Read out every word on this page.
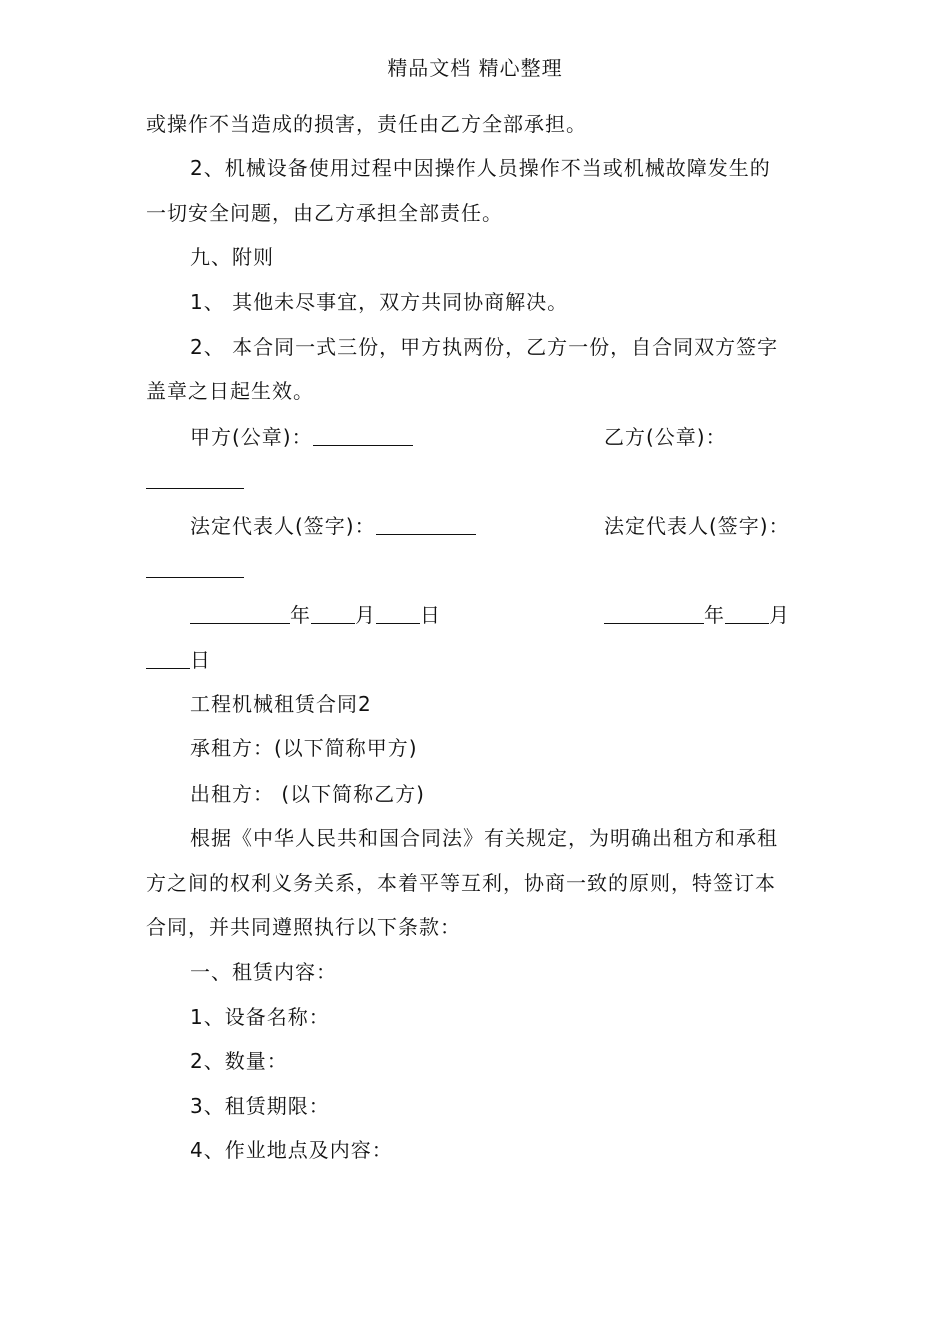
精品文档 精心整理
或操作不当造成的损害，责任由乙方全部承担。
2、机械设备使用过程中因操作人员操作不当或机械故障发生的
一切安全问题，由乙方承担全部责任。
九、附则
1、 其他未尽事宜，双方共同协商解决。
2、 本合同一式三份，甲方执两份，乙方一份，自合同双方签字
盖章之日起生效。
甲方(公章)：	乙方(公章)：
法定代表人(签字)：	法定代表人(签字)：
年 月 日	年 月
日
工程机械租赁合同2
承租方：(以下简称甲方)
出租方： (以下简称乙方)
根据《中华人民共和国合同法》有关规定，为明确出租方和承租
方之间的权利义务关系，本着平等互利，协商一致的原则，特签订本
合同，并共同遵照执行以下条款：
一、租赁内容：
1、设备名称：
2、数量：
3、租赁期限：
4、作业地点及内容：
